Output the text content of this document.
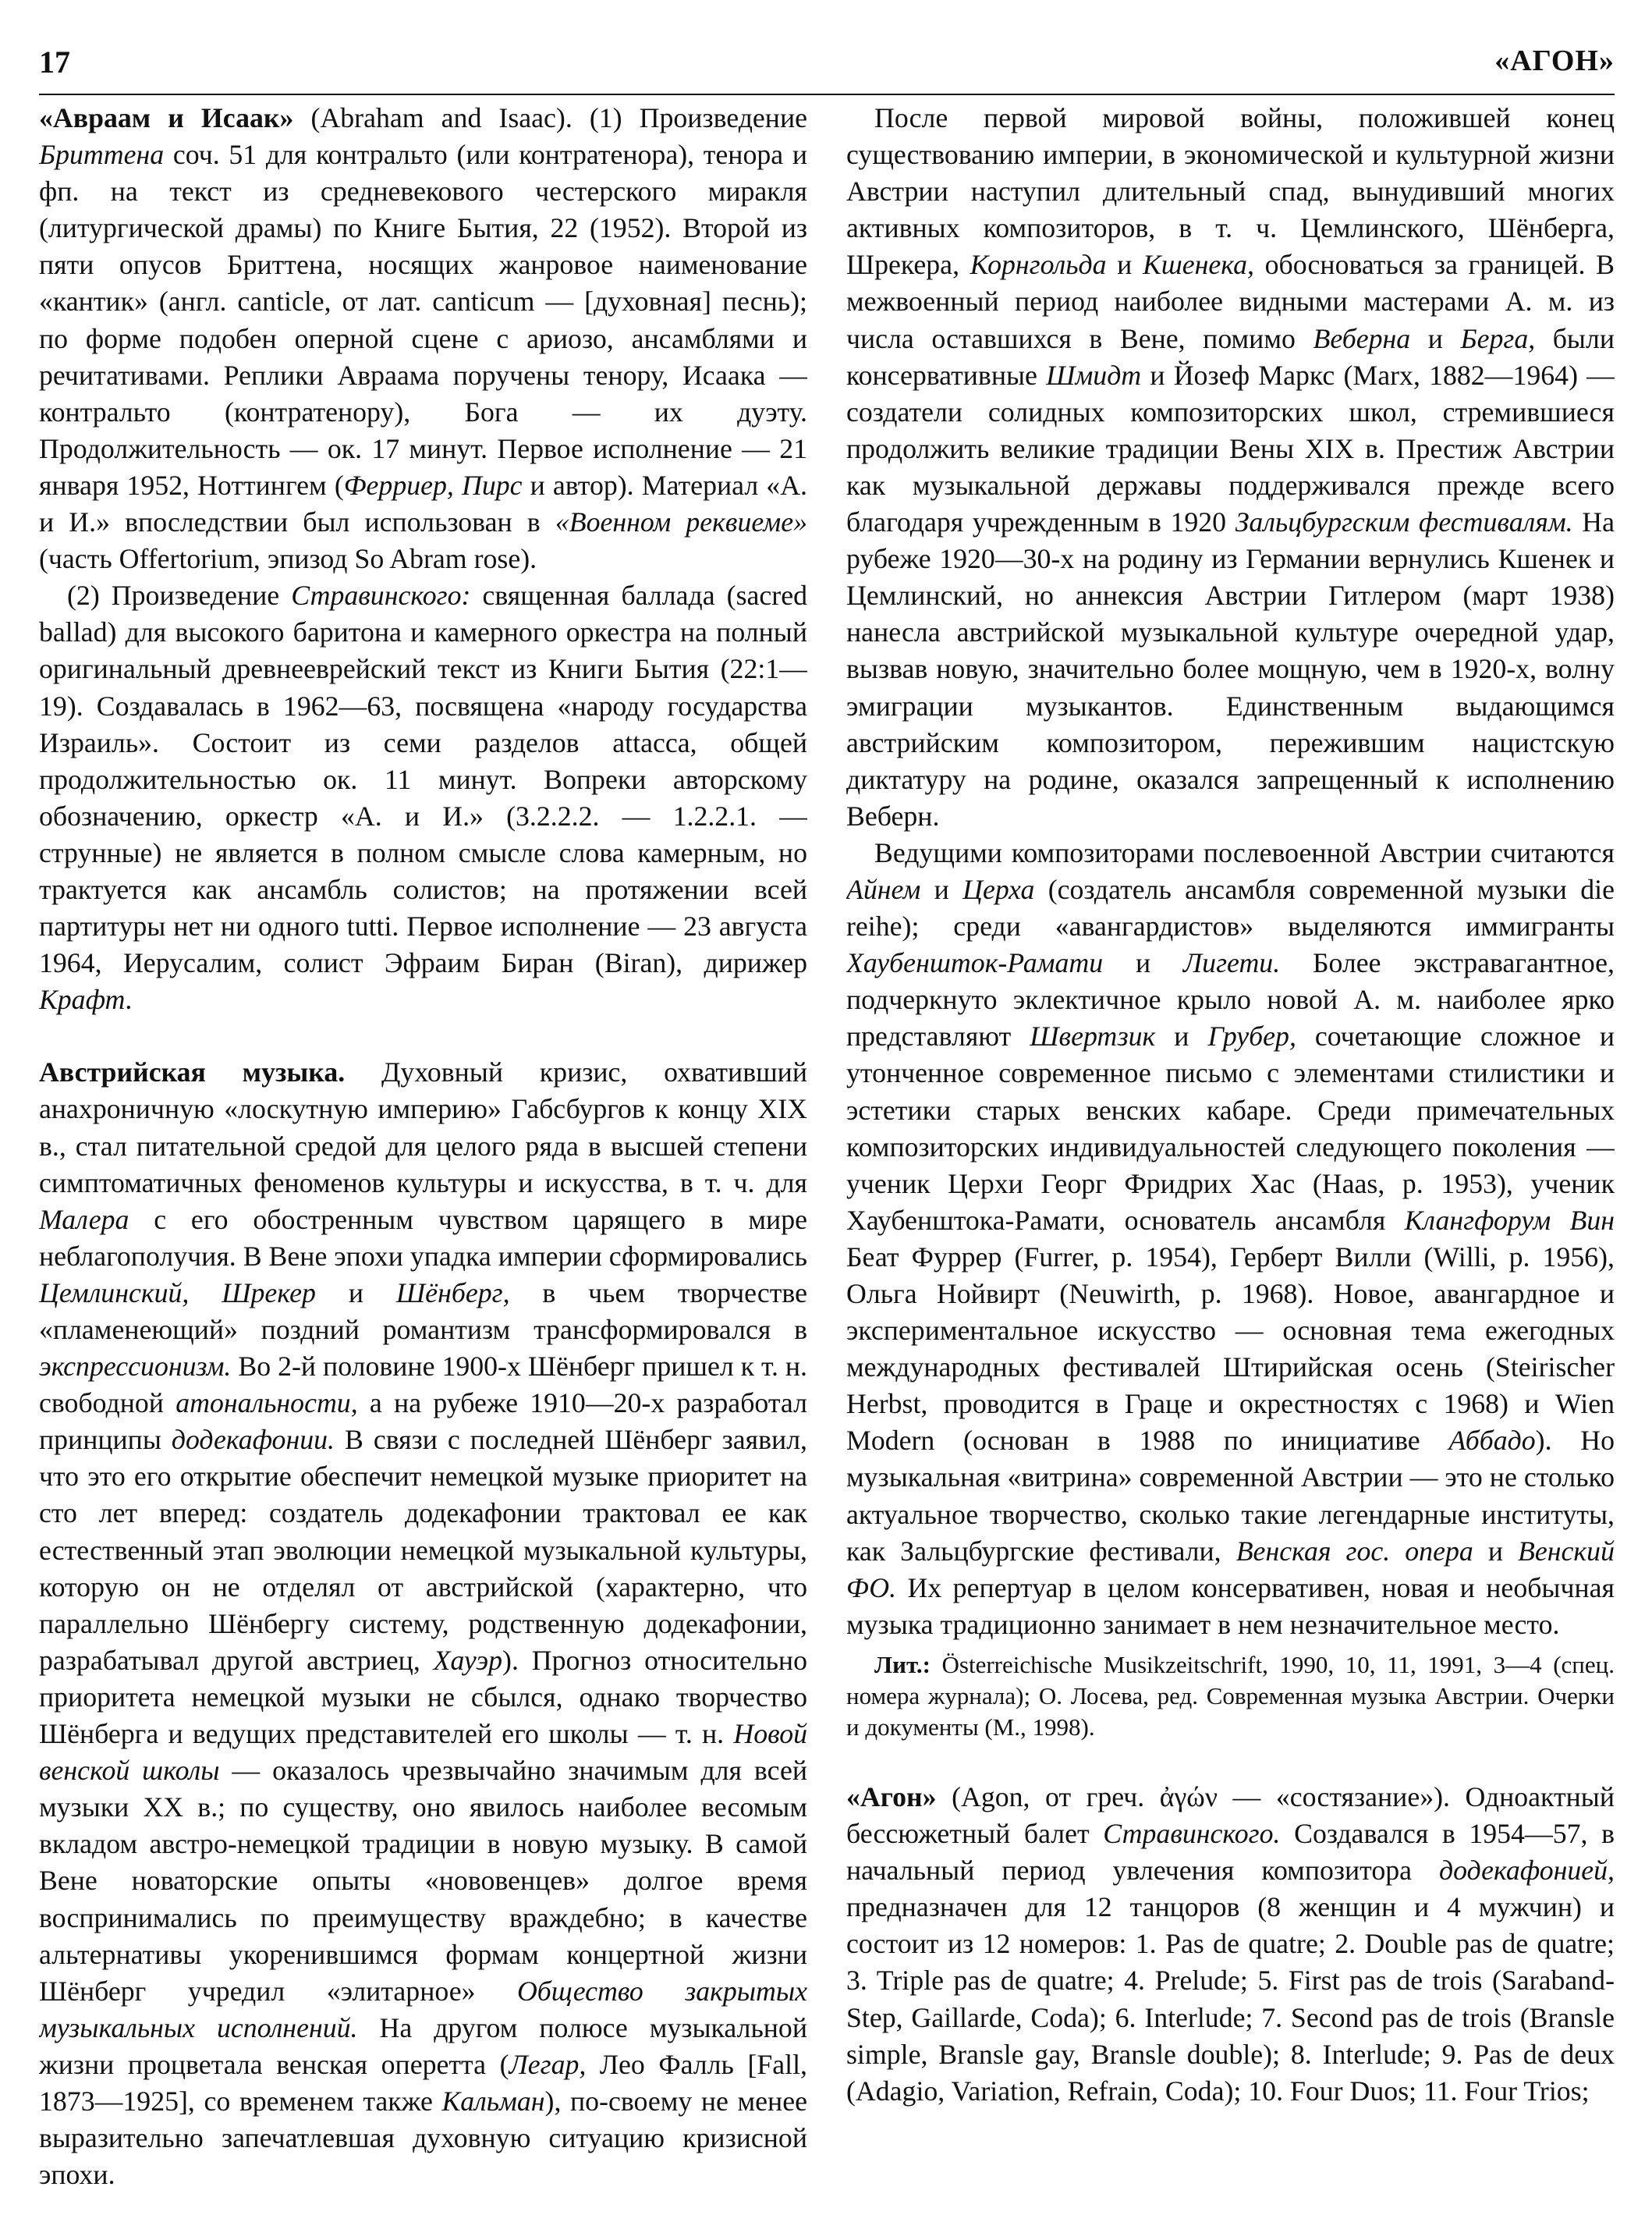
17	«АГОН»

«Авраам и Исаак» (Abraham and Isaac). (1) Произведение Бриттена соч. 51 для контральто (или контратенора), тенора и фп. на текст из средневекового честерского миракля (литургической драмы) по Книге Бытия, 22 (1952). Второй из пяти опусов Бриттена, носящих жанровое наименование «кантик» (англ. canticle, от лат. canticum — [духовная] песнь); по форме подобен оперной сцене с ариозо, ансамблями и речитативами. Реплики Авраама поручены тенору, Исаака — контральто (контратенору), Бога — их дуэту. Продолжительность — ок. 17 минут. Первое исполнение — 21 января 1952, Ноттингем (Ферриер, Пирс и автор). Материал «А. и И.» впоследствии был использован в «Военном реквиеме» (часть Offertorium, эпизод So Abram rose).

(2) Произведение Стравинского: священная баллада (sacred ballad) для высокого баритона и камерного оркестра на полный оригинальный древнееврейский текст из Книги Бытия (22:1—19). Создавалась в 1962—63, посвящена «народу государства Израиль». Состоит из семи разделов attacca, общей продолжительностью ок. 11 минут. Вопреки авторскому обозначению, оркестр «А. и И.» (3.2.2.2. — 1.2.2.1. — струнные) не является в полном смысле слова камерным, но трактуется как ансамбль солистов; на протяжении всей партитуры нет ни одного tutti. Первое исполнение — 23 августа 1964, Иерусалим, солист Эфраим Биран (Biran), дирижер Крафт.

Австрийская музыка. Духовный кризис, охвативший анахроничную «лоскутную империю» Габсбургов к концу XIX в., стал питательной средой для целого ряда в высшей степени симптоматичных феноменов культуры и искусства, в т. ч. для Малера с его обостренным чувством царящего в мире неблагополучия. В Вене эпохи упадка империи сформировались Цемлинский, Шрекер и Шёнберг, в чьем творчестве «пламенеющий» поздний романтизм трансформировался в экспрессионизм. Во 2-й половине 1900-х Шёнберг пришел к т. н. свободной атональности, а на рубеже 1910—20-х разработал принципы додекафонии. В связи с последней Шёнберг заявил, что это его открытие обеспечит немецкой музыке приоритет на сто лет вперед: создатель додекафонии трактовал ее как естественный этап эволюции немецкой музыкальной культуры, которую он не отделял от австрийской (характерно, что параллельно Шёнбергу систему, родственную додекафонии, разрабатывал другой австриец, Хауэр). Прогноз относительно приоритета немецкой музыки не сбылся, однако творчество Шёнберга и ведущих представителей его школы — т. н. Новой венской школы — оказалось чрезвычайно значимым для всей музыки XX в.; по существу, оно явилось наиболее весомым вкладом австро-немецкой традиции в новую музыку. В самой Вене новаторские опыты «нововенцев» долгое время воспринимались по преимуществу враждебно; в качестве альтернативы укоренившимся формам концертной жизни Шёнберг учредил «элитарное» Общество закрытых музыкальных исполнений. На другом полюсе музыкальной жизни процветала венская оперетта (Легар, Лео Фалль [Fall, 1873—1925], со временем также Кальман), по-своему не менее выразительно запечатлевшая духовную ситуацию кризисной эпохи.

После первой мировой войны, положившей конец существованию империи, в экономической и культурной жизни Австрии наступил длительный спад, вынудивший многих активных композиторов, в т. ч. Цемлинского, Шёнберга, Шрекера, Корнгольда и Кшенека, обосноваться за границей. В межвоенный период наиболее видными мастерами А. м. из числа оставшихся в Вене, помимо Веберна и Берга, были консервативные Шмидт и Йозеф Маркс (Marx, 1882—1964) — создатели солидных композиторских школ, стремившиеся продолжить великие традиции Вены XIX в. Престиж Австрии как музыкальной державы поддерживался прежде всего благодаря учрежденным в 1920 Зальцбургским фестивалям. На рубеже 1920—30-х на родину из Германии вернулись Кшенек и Цемлинский, но аннексия Австрии Гитлером (март 1938) нанесла австрийской музыкальной культуре очередной удар, вызвав новую, значительно более мощную, чем в 1920-х, волну эмиграции музыкантов. Единственным выдающимся австрийским композитором, пережившим нацистскую диктатуру на родине, оказался запрещенный к исполнению Веберн.

Ведущими композиторами послевоенной Австрии считаются Айнем и Церха (создатель ансамбля современной музыки die reihe); среди «авангардистов» выделяются иммигранты Хаубеншток-Рамати и Лигети. Более экстравагантное, подчеркнуто эклектичное крыло новой А. м. наиболее ярко представляют Швертзик и Грубер, сочетающие сложное и утонченное современное письмо с элементами стилистики и эстетики старых венских кабаре. Среди примечательных композиторских индивидуальностей следующего поколения — ученик Церхи Георг Фридрих Хас (Haas, р. 1953), ученик Хаубенштока-Рамати, основатель ансамбля Клангфорум Вин Беат Фуррер (Furrer, р. 1954), Герберт Вилли (Willi, р. 1956), Ольга Нойвирт (Neuwirth, р. 1968). Новое, авангардное и экспериментальное искусство — основная тема ежегодных международных фестивалей Штирийская осень (Steirischer Herbst, проводится в Граце и окрестностях с 1968) и Wien Modern (основан в 1988 по инициативе Аббадо). Но музыкальная «витрина» современной Австрии — это не столько актуальное творчество, сколько такие легендарные институты, как Зальцбургские фестивали, Венская гос. опера и Венский ФО. Их репертуар в целом консервативен, новая и необычная музыка традиционно занимает в нем незначительное место.

Лит.: Österreichische Musikzeitschrift, 1990, 10, 11, 1991, 3—4 (спец. номера журнала); О. Лосева, ред. Современная музыка Австрии. Очерки и документы (М., 1998).

«Агон» (Agon, от греч. ἀγών — «состязание»). Одноактный бессюжетный балет Стравинского. Создавался в 1954—57, в начальный период увлечения композитора додекафонией, предназначен для 12 танцоров (8 женщин и 4 мужчин) и состоит из 12 номеров: 1. Pas de quatre; 2. Double pas de quatre; 3. Triple pas de quatre; 4. Prelude; 5. First pas de trois (Saraband-Step, Gaillarde, Coda); 6. Interlude; 7. Second pas de trois (Bransle simple, Bransle gay, Bransle double); 8. Interlude; 9. Pas de deux (Adagio, Variation, Refrain, Coda); 10. Four Duos; 11. Four Trios;
